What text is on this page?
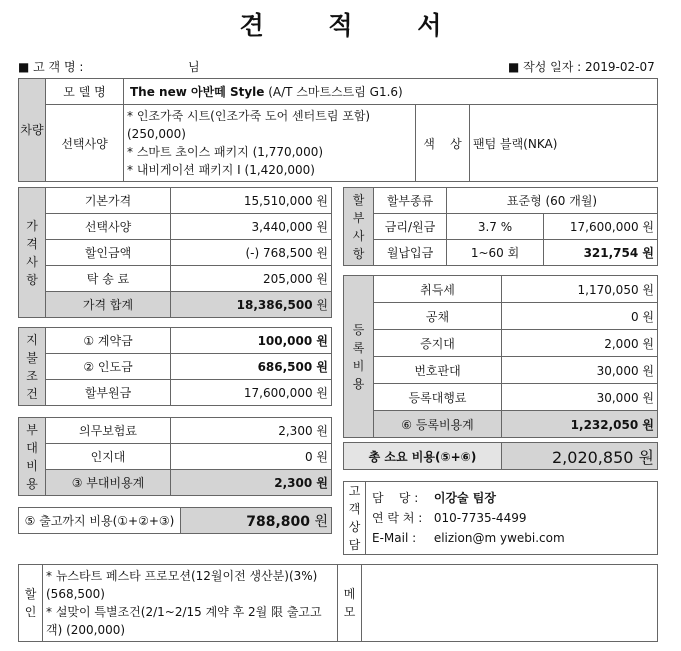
견 적 서
■ 고 객 명 :	님	■ 작성 일자 : 2019-02-07
차량	모 델 명	The new 아반떼 Style (A/T 스마트스트림 G1.6)		
	선택사양	* 인조가죽 시트(인조가죽 도어 센터트림 포함)
(250,000)
* 스마트 초이스 패키지 (1,770,000)
* 내비게이션 패키지 I (1,420,000)	색    상	팬텀 블랙(NKA)
가격사항	기본가격	15,510,000 원
	선택사양	3,440,000 원
	할인금액	(-) 768,500 원
	탁 송 료	205,000 원
	가격 합계	18,386,500 원
지불조건	① 계약금	100,000 원
	② 인도금	686,500 원
	할부원금	17,600,000 원
부대비용	의무보험료	2,300 원
	인지대	0 원
	③ 부대비용계	2,300 원
⑤ 출고까지 비용(①+②+③)	788,800 원
할부사항	할부종류	표준형 (60 개월)	
	금리/원금	3.7 %	17,600,000 원
	월납입금	1~60 회	321,754 원
등록비용	취득세	1,170,050 원
	공채	0 원
	증지대	2,000 원
	번호판대	30,000 원
	등록대행료	30,000 원
	⑥ 등록비용계	1,232,050 원
총 소요 비용(⑤+⑥)	2,020,850 원
고객상담	
담    당 : 이강술 팀장
연 락 처 : 010-7735-4499
E-Mail : elizion@m ywebi.com
할인	
* 뉴스타트 페스타 프로모션(12월이전 생산분)(3%)
(568,500)
* 설맞이 특별조건(2/1~2/15 계약 후 2월 限 출고고
객) (200,000)
	메모	
